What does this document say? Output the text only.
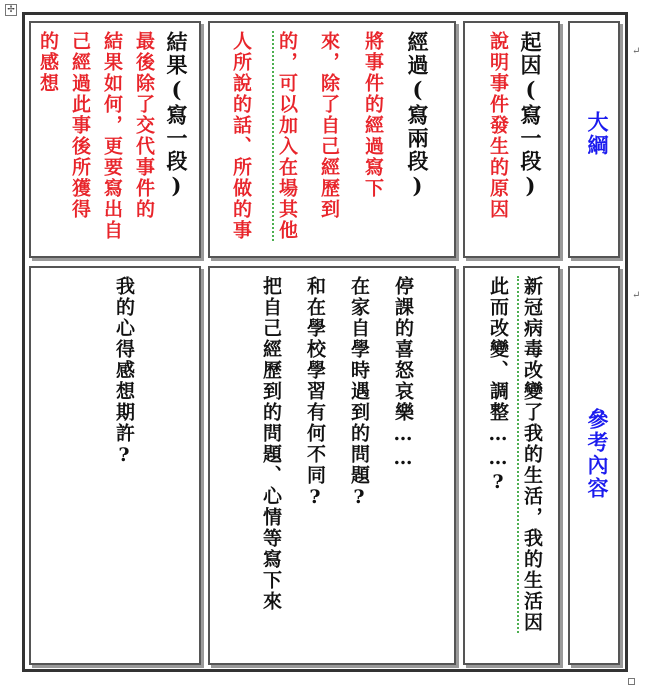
✢
大綱
起因(寫一段)
說明事件發生的原因
經過(寫兩段)
將事件的經過寫下
來，除了自己經歷到
的，可以加入在場其他
人所說的話、所做的事
結果(寫一段)
最後除了交代事件的
結果如何，更要寫出自
己經過此事後所獲得
的感想
參考內容
新冠病毒改變了我的生活，我的生活因
此而改變、調整……?
停課的喜怒哀樂……
在家自學時遇到的問題?
和在學校學習有何不同?
把自己經歷到的問題、心情等寫下來
我的心得感想期許?
↵
↵
